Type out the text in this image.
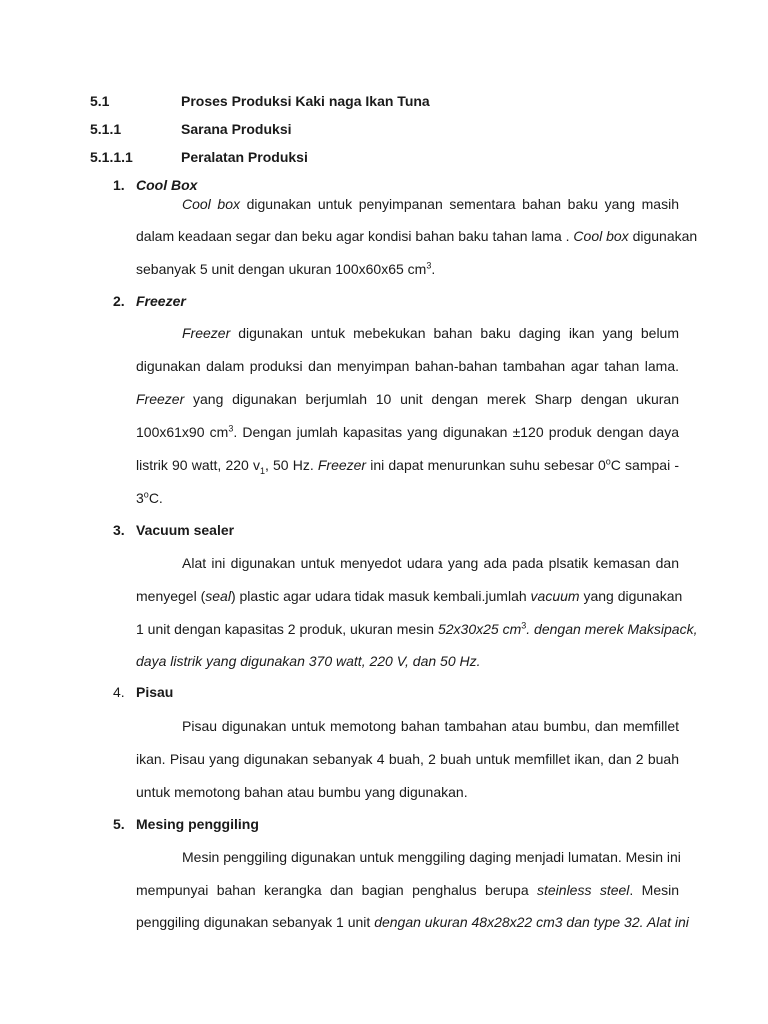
5.1	Proses Produksi Kaki naga Ikan Tuna
5.1.1	Sarana Produksi
5.1.1.1	Peralatan Produksi
1. Cool Box
Cool box digunakan untuk penyimpanan sementara bahan baku yang masih
dalam keadaan segar dan beku agar kondisi bahan baku tahan lama . Cool box digunakan
sebanyak 5 unit dengan ukuran 100x60x65 $cm^3$.
2. Freezer
Freezer digunakan untuk mebekukan bahan baku daging ikan yang belum
digunakan dalam produksi dan menyimpan bahan-bahan tambahan agar tahan lama.
Freezer yang digunakan berjumlah 10 unit dengan merek Sharp dengan ukuran
100x61x90 $cm^3$. Dengan jumlah kapasitas yang digunakan ±120 produk dengan daya
listrik 90 watt, 220 $v_1$, 50 Hz. Freezer ini dapat menurunkan suhu sebesar 0$^o$C sampai -
3$^o$C.
3. Vacuum sealer
Alat ini digunakan untuk menyedot udara yang ada pada plsatik kemasan dan
menyegel (seal) plastic agar udara tidak masuk kembali.jumlah vacuum yang digunakan
1 unit dengan kapasitas 2 produk, ukuran mesin 52x30x25 $cm^3$. dengan merek Maksipack,
daya listrik yang digunakan 370 watt, 220 V, dan 50 Hz.
4. Pisau
Pisau digunakan untuk memotong bahan tambahan atau bumbu, dan memfillet
ikan. Pisau yang digunakan sebanyak 4 buah, 2 buah untuk memfillet ikan, dan 2 buah
untuk memotong bahan atau bumbu yang digunakan.
5. Mesing penggiling
Mesin penggiling digunakan untuk menggiling daging menjadi lumatan. Mesin ini
mempunyai bahan kerangka dan bagian penghalus berupa steinless steel. Mesin
penggiling digunakan sebanyak 1 unit dengan ukuran 48x28x22 cm3 dan type 32. Alat ini
